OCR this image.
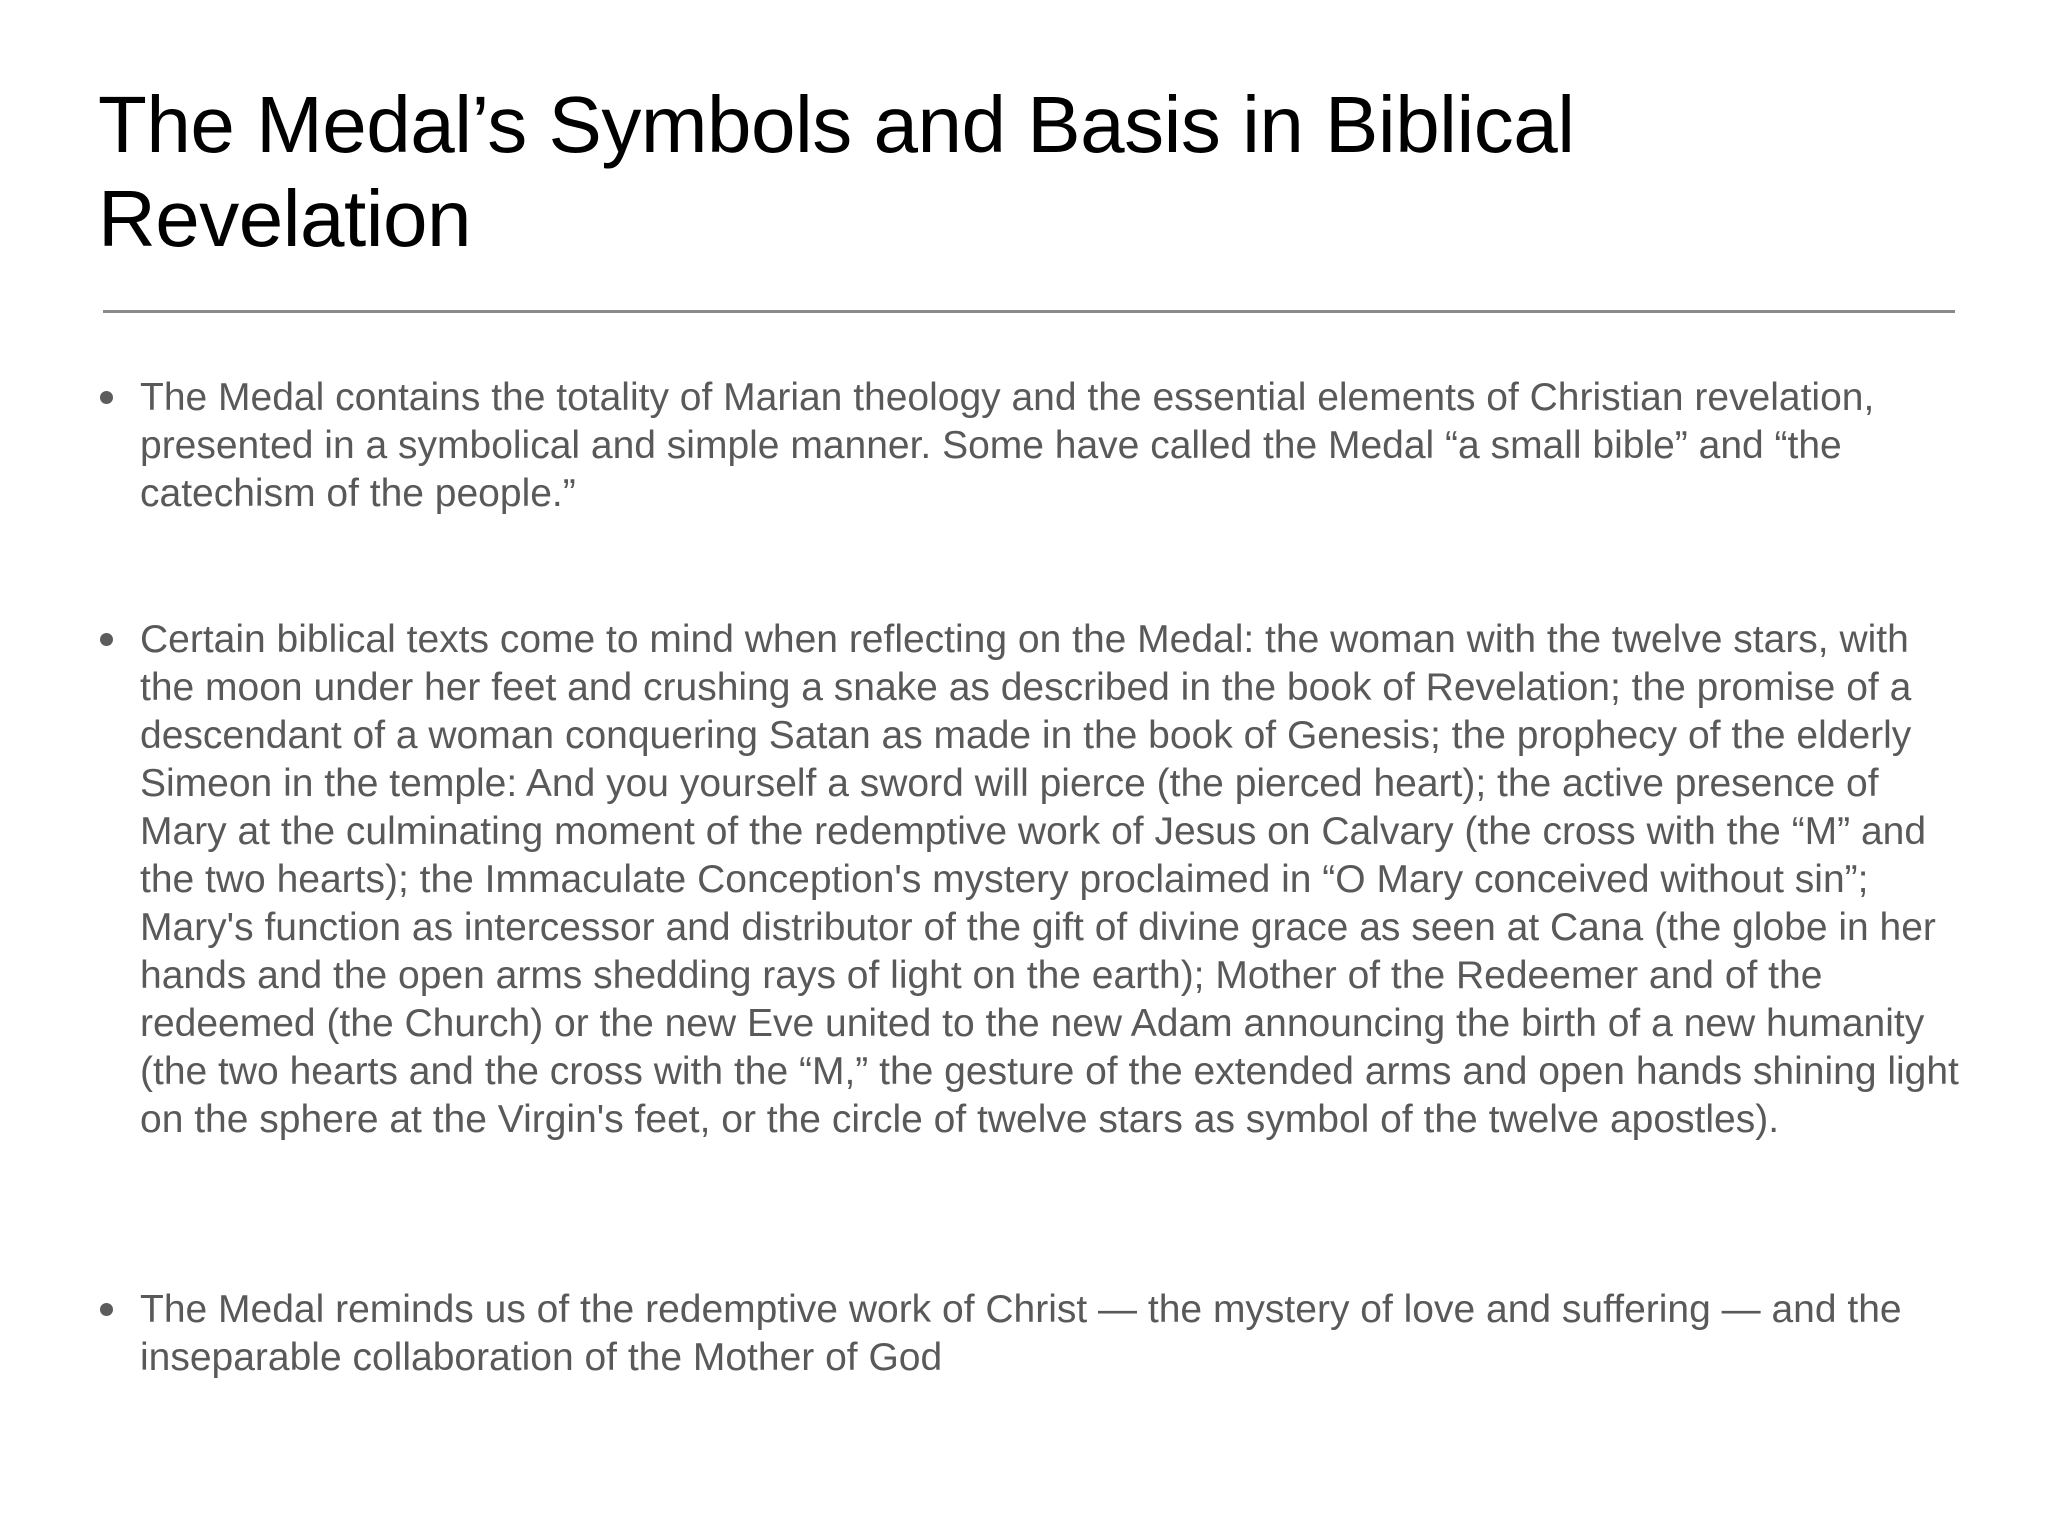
The Medal’s Symbols and Basis in Biblical Revelation
The Medal contains the totality of Marian theology and the essential elements of Christian revelation, presented in a symbolical and simple manner. Some have called the Medal “a small bible” and “the catechism of the people.”
Certain biblical texts come to mind when reflecting on the Medal: the woman with the twelve stars, with the moon under her feet and crushing a snake as described in the book of Revelation; the promise of a descendant of a woman conquering Satan as made in the book of Genesis; the prophecy of the elderly Simeon in the temple: And you yourself a sword will pierce (the pierced heart); the active presence of Mary at the culminating moment of the redemptive work of Jesus on Calvary (the cross with the “M” and the two hearts); the Immaculate Conception's mystery proclaimed in “O Mary conceived without sin”; Mary's function as intercessor and distributor of the gift of divine grace as seen at Cana (the globe in her hands and the open arms shedding rays of light on the earth); Mother of the Redeemer and of the redeemed (the Church) or the new Eve united to the new Adam announcing the birth of a new humanity (the two hearts and the cross with the “M,” the gesture of the extended arms and open hands shining light on the sphere at the Virgin's feet, or the circle of twelve stars as symbol of the twelve apostles).
The Medal reminds us of the redemptive work of Christ — the mystery of love and suffering — and the inseparable collaboration of the Mother of God
